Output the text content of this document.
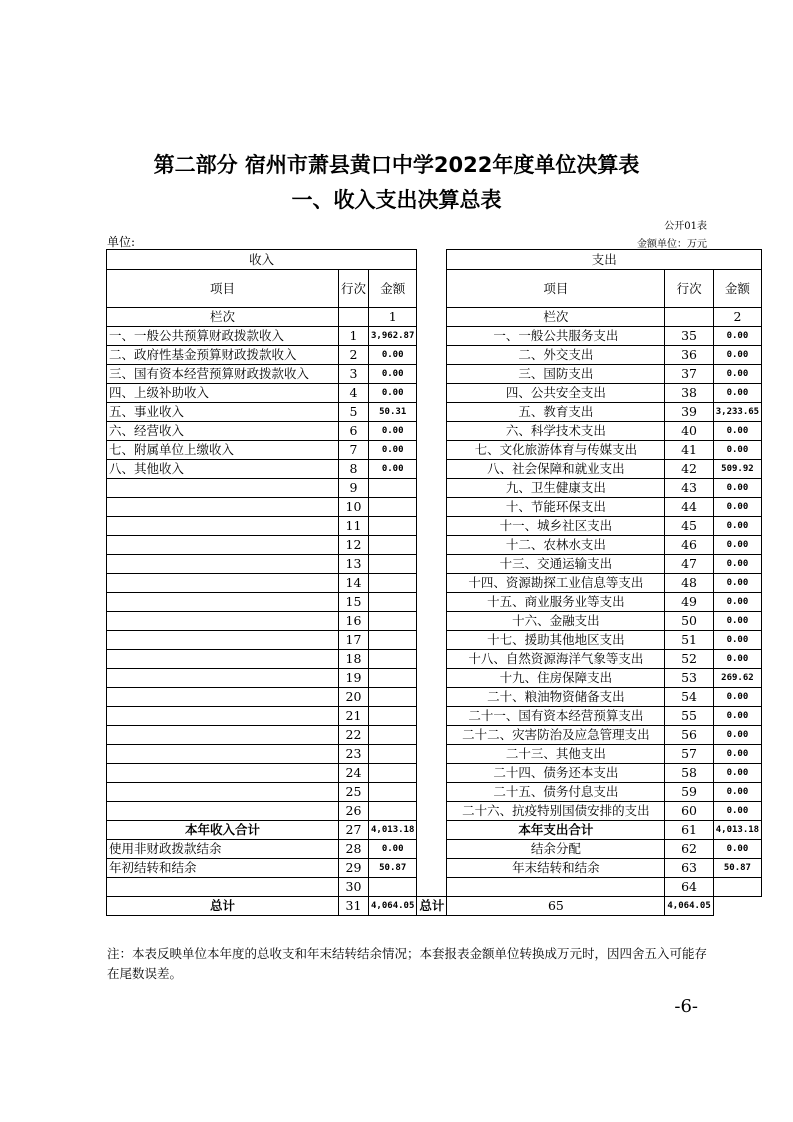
第二部分 宿州市萧县黄口中学2022年度单位决算表
一、收入支出决算总表
公开01表
单位:	金额单位：万元
收入				支出		
项目	行次	金额		项目	行次	金额
栏次		1		栏次		2
一、一般公共预算财政拨款收入	1	3,962.87		一、一般公共服务支出	35	0.00
二、政府性基金预算财政拨款收入	2	0.00		二、外交支出	36	0.00
三、国有资本经营预算财政拨款收入	3	0.00		三、国防支出	37	0.00
四、上级补助收入	4	0.00		四、公共安全支出	38	0.00
五、事业收入	5	50.31		五、教育支出	39	3,233.65
六、经营收入	6	0.00		六、科学技术支出	40	0.00
七、附属单位上缴收入	7	0.00		七、文化旅游体育与传媒支出	41	0.00
八、其他收入	8	0.00		八、社会保障和就业支出	42	509.92
	9			九、卫生健康支出	43	0.00
	10			十、节能环保支出	44	0.00
	11			十一、城乡社区支出	45	0.00
	12			十二、农林水支出	46	0.00
	13			十三、交通运输支出	47	0.00
	14			十四、资源勘探工业信息等支出	48	0.00
	15			十五、商业服务业等支出	49	0.00
	16			十六、金融支出	50	0.00
	17			十七、援助其他地区支出	51	0.00
	18			十八、自然资源海洋气象等支出	52	0.00
	19			十九、住房保障支出	53	269.62
	20			二十、粮油物资储备支出	54	0.00
	21			二十一、国有资本经营预算支出	55	0.00
	22			二十二、灾害防治及应急管理支出	56	0.00
	23			二十三、其他支出	57	0.00
	24			二十四、债务还本支出	58	0.00
	25			二十五、债务付息支出	59	0.00
	26			二十六、抗疫特别国债安排的支出	60	0.00
本年收入合计	27	4,013.18		本年支出合计	61	4,013.18
使用非财政拨款结余	28	0.00		结余分配	62	0.00
年初结转和结余	29	50.87		年末结转和结余	63	50.87
	30				64	
总计	31	4,064.05	总计	65	4,064.05	
注：本表反映单位本年度的总收支和年末结转结余情况；本套报表金额单位转换成万元时，因四舍五入可能存在尾数误差。
-6-
